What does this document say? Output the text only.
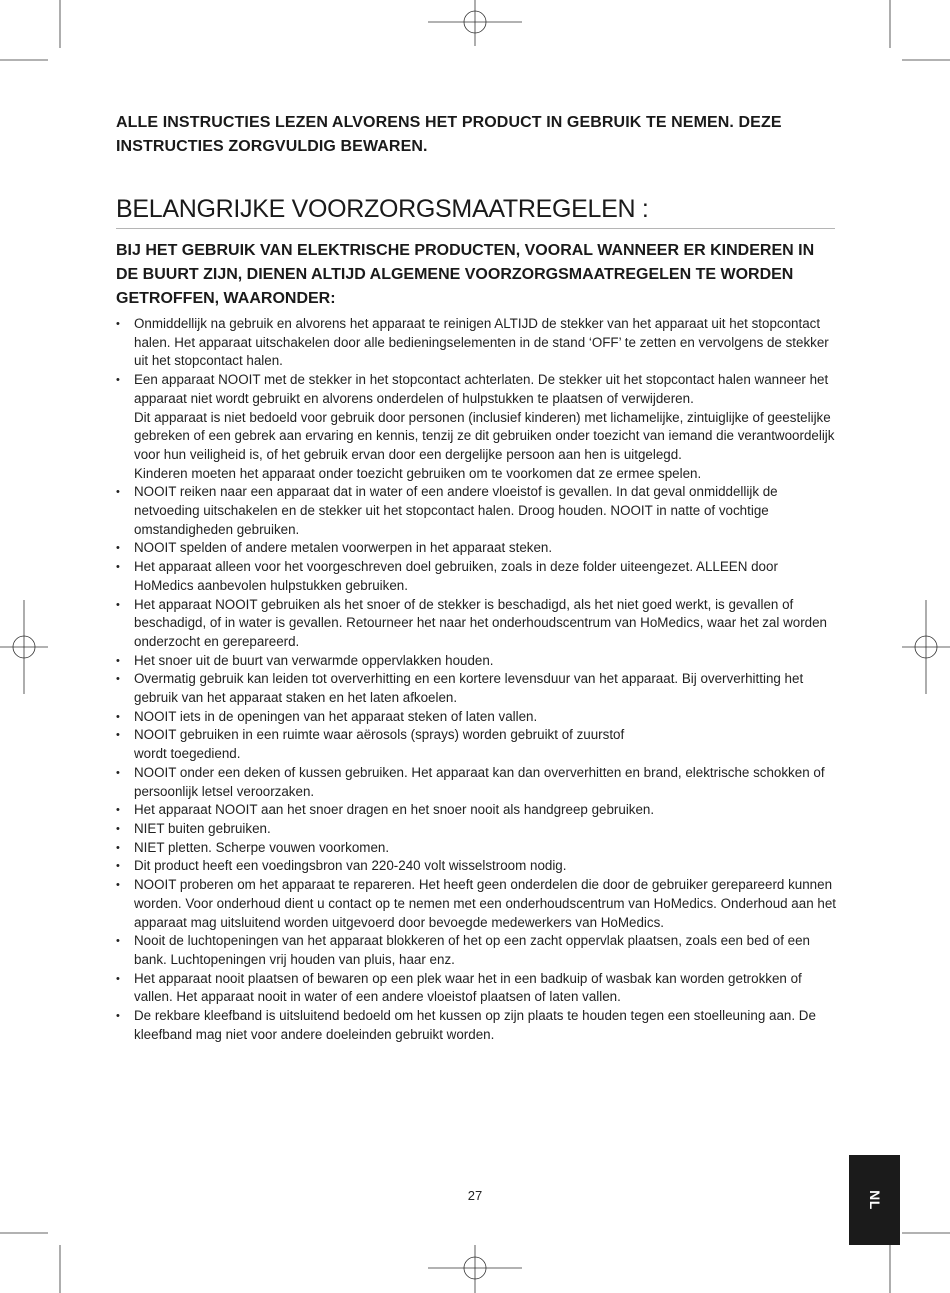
ALLE INSTRUCTIES LEZEN ALVORENS HET PRODUCT IN GEBRUIK TE NEMEN. DEZE INSTRUCTIES ZORGVULDIG BEWAREN.
BELANGRIJKE VOORZORGSMAATREGELEN :
BIJ HET GEBRUIK VAN ELEKTRISCHE PRODUCTEN, VOORAL WANNEER ER KINDEREN IN DE BUURT ZIJN, DIENEN ALTIJD ALGEMENE VOORZORGSMAATREGELEN TE WORDEN GETROFFEN, WAARONDER:
• Onmiddellijk na gebruik en alvorens het apparaat te reinigen ALTIJD de stekker van het apparaat uit het stopcontact halen. Het apparaat uitschakelen door alle bedieningselementen in de stand ‘OFF’ te zetten en vervolgens de stekker uit het stopcontact halen.
• Een apparaat NOOIT met de stekker in het stopcontact achterlaten. De stekker uit het stopcontact halen wanneer het apparaat niet wordt gebruikt en alvorens onderdelen of hulpstukken te plaatsen of verwijderen.
Dit apparaat is niet bedoeld voor gebruik door personen (inclusief kinderen) met lichamelijke, zintuiglijke of geestelijke gebreken of een gebrek aan ervaring en kennis, tenzij ze dit gebruiken onder toezicht van iemand die verantwoordelijk voor hun veiligheid is, of het gebruik ervan door een dergelijke persoon aan hen is uitgelegd.
Kinderen moeten het apparaat onder toezicht gebruiken om te voorkomen dat ze ermee spelen.
• NOOIT reiken naar een apparaat dat in water of een andere vloeistof is gevallen. In dat geval onmiddellijk de netvoeding uitschakelen en de stekker uit het stopcontact halen. Droog houden. NOOIT in natte of vochtige omstandigheden gebruiken.
• NOOIT spelden of andere metalen voorwerpen in het apparaat steken.
• Het apparaat alleen voor het voorgeschreven doel gebruiken, zoals in deze folder uiteengezet. ALLEEN door HoMedics aanbevolen hulpstukken gebruiken.
• Het apparaat NOOIT gebruiken als het snoer of de stekker is beschadigd, als het niet goed werkt, is gevallen of beschadigd, of in water is gevallen. Retourneer het naar het onderhoudscentrum van HoMedics, waar het zal worden onderzocht en gerepareerd.
• Het snoer uit de buurt van verwarmde oppervlakken houden.
• Overmatig gebruik kan leiden tot oververhitting en een kortere levensduur van het apparaat. Bij oververhitting het gebruik van het apparaat staken en het laten afkoelen.
• NOOIT iets in de openingen van het apparaat steken of laten vallen.
• NOOIT gebruiken in een ruimte waar aërosols (sprays) worden gebruikt of zuurstof
wordt toegediend.
• NOOIT onder een deken of kussen gebruiken. Het apparaat kan dan oververhitten en brand, elektrische schokken of persoonlijk letsel veroorzaken.
• Het apparaat NOOIT aan het snoer dragen en het snoer nooit als handgreep gebruiken.
• NIET buiten gebruiken.
• NIET pletten. Scherpe vouwen voorkomen.
• Dit product heeft een voedingsbron van 220-240 volt wisselstroom nodig.
• NOOIT proberen om het apparaat te repareren. Het heeft geen onderdelen die door de gebruiker gerepareerd kunnen worden. Voor onderhoud dient u contact op te nemen met een onderhoudscentrum van HoMedics. Onderhoud aan het apparaat mag uitsluitend worden uitgevoerd door bevoegde medewerkers van HoMedics.
• Nooit de luchtopeningen van het apparaat blokkeren of het op een zacht oppervlak plaatsen, zoals een bed of een bank. Luchtopeningen vrij houden van pluis, haar enz.
• Het apparaat nooit plaatsen of bewaren op een plek waar het in een badkuip of wasbak kan worden getrokken of vallen. Het apparaat nooit in water of een andere vloeistof plaatsen of laten vallen.
• De rekbare kleefband is uitsluitend bedoeld om het kussen op zijn plaats te houden tegen een stoelleuning aan. De kleefband mag niet voor andere doeleinden gebruikt worden.
27	NL
